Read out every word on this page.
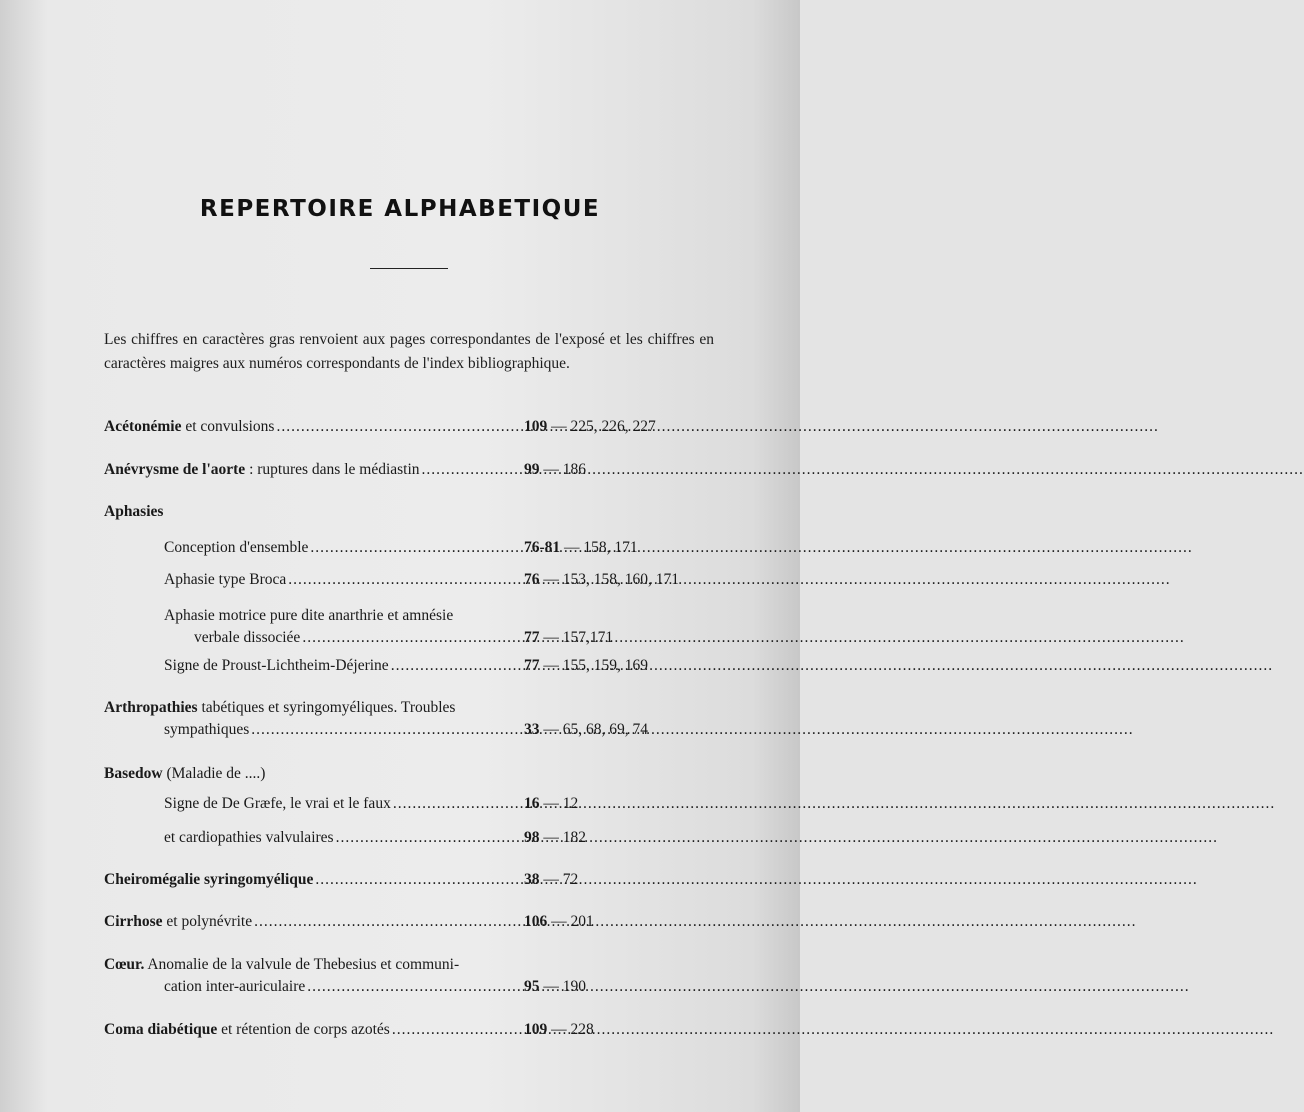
REPERTOIRE ALPHABETIQUE
Les chiffres en caractères gras renvoient aux pages correspondantes de l'exposé et les chiffres en caractères maigres aux numéros correspondants de l'index bibliographique.
Acétonémie et convulsions .....	109 — 225, 226, 227
Anévrysme de l'aorte : ruptures dans le médiastin .....	99 — 186
Aphasies
Conception d'ensemble .....	76-81 — 158, 171
Aphasie type Broca .....	76 — 153, 158, 160, 171
Aphasie motrice pure dite anarthrie et amnésie
verbale dissociée .....	77 — 157,171
Signe de Proust-Lichtheim-Déjerine .....	77 — 155, 159, 169
Arthropathies tabétiques et syringomyéliques. Troubles
sympathiques .....	33 — 65, 68, 69, 74
Basedow (Maladie de ....)
Signe de De Græfe, le vrai et le faux .....	16 — 12
et cardiopathies valvulaires .....	98 — 182
Cheiromégalie syringomyélique .....	38 — 72
Cirrhose et polynévrite .....	106 — 201
Cœur. Anomalie de la valvule de Thebesius et communi-
cation inter-auriculaire .....	95 — 190
Coma diabétique et rétention de corps azotés .....	109 — 228
